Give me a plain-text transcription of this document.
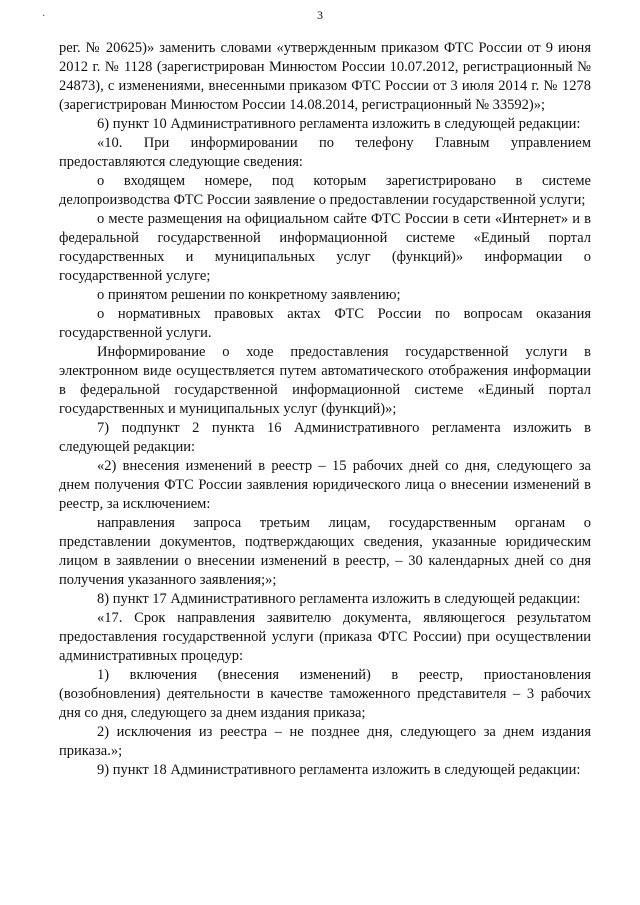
3
·

рег. № 20625)» заменить словами «утвержденным приказом ФТС России от 9 июня 2012 г. № 1128 (зарегистрирован Минюстом России 10.07.2012, регистрационный № 24873), с изменениями, внесенными приказом ФТС России от 3 июля 2014 г. № 1278 (зарегистрирован Минюстом России 14.08.2014, регистрационный № 33592)»;

6) пункт 10 Административного регламента изложить в следующей редакции:

«10. При информировании по телефону Главным управлением предоставляются следующие сведения:

о входящем номере, под которым зарегистрировано в системе делопроизводства ФТС России заявление о предоставлении государственной услуги;

о месте размещения на официальном сайте ФТС России в сети «Интернет» и в федеральной государственной информационной системе «Единый портал государственных и муниципальных услуг (функций)» информации о государственной услуге;

о принятом решении по конкретному заявлению;

о нормативных правовых актах ФТС России по вопросам оказания государственной услуги.

Информирование о ходе предоставления государственной услуги в электронном виде осуществляется путем автоматического отображения информации в федеральной государственной информационной системе «Единый портал государственных и муниципальных услуг (функций)»;

7) подпункт 2 пункта 16 Административного регламента изложить в следующей редакции:

«2) внесения изменений в реестр – 15 рабочих дней со дня, следующего за днем получения ФТС России заявления юридического лица о внесении изменений в реестр, за исключением:

направления запроса третьим лицам, государственным органам о представлении документов, подтверждающих сведения, указанные юридическим лицом в заявлении о внесении изменений в реестр, – 30 календарных дней со дня получения указанного заявления;»;

8) пункт 17 Административного регламента изложить в следующей редакции:

«17. Срок направления заявителю документа, являющегося результатом предоставления государственной услуги (приказа ФТС России) при осуществлении административных процедур:

1) включения (внесения изменений) в реестр, приостановления (возобновления) деятельности в качестве таможенного представителя – 3 рабочих дня со дня, следующего за днем издания приказа;

2) исключения из реестра – не позднее дня, следующего за днем издания приказа.»;

9) пункт 18 Административного регламента изложить в следующей редакции:
